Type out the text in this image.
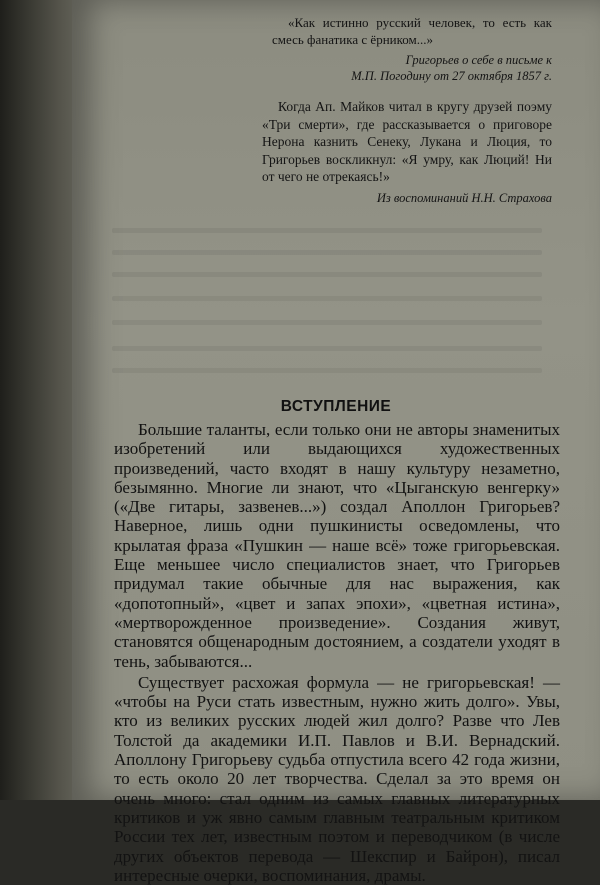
«Как истинно русский человек, то есть как смесь фанатика с ёрником...»

Григорьев о себе в письме к
М.П. Погодину от 27 октября 1857 г.

Когда Ап. Майков читал в кругу друзей поэму «Три смерти», где рассказывается о приговоре Нерона казнить Сенеку, Лукана и Люция, то Григорьев воскликнул: «Я умру, как Люций! Ни от чего не отрекаясь!»

Из воспоминаний Н.Н. Страхова

ВСТУПЛЕНИЕ

Большие таланты, если только они не авторы знаменитых изобретений или выдающихся художественных произведений, часто входят в нашу культуру незаметно, безымянно. Многие ли знают, что «Цыганскую венгерку» («Две гитары, зазвенев...») создал Аполлон Григорьев? Наверное, лишь одни пушкинисты осведомлены, что крылатая фраза «Пушкин — наше всё» тоже григорьевская. Еще меньшее число специалистов знает, что Григорьев придумал такие обычные для нас выражения, как «допотопный», «цвет и запах эпохи», «цветная истина», «мертворожденное произведение». Создания живут, становятся общенародным достоянием, а создатели уходят в тень, забываются...

Существует расхожая формула — не григорьевская! — «чтобы на Руси стать известным, нужно жить долго». Увы, кто из великих русских людей жил долго? Разве что Лев Толстой да академики И.П. Павлов и В.И. Вернадский. Аполлону Григорьеву судьба отпустила всего 42 года жизни, то есть около 20 лет творчества. Сделал за это время он очень много: стал одним из самых главных литературных критиков и уж явно самым главным театральным критиком России тех лет, известным поэтом и переводчиком (в числе других объектов перевода — Шекспир и Байрон), писал интересные очерки, воспоминания, драмы.
